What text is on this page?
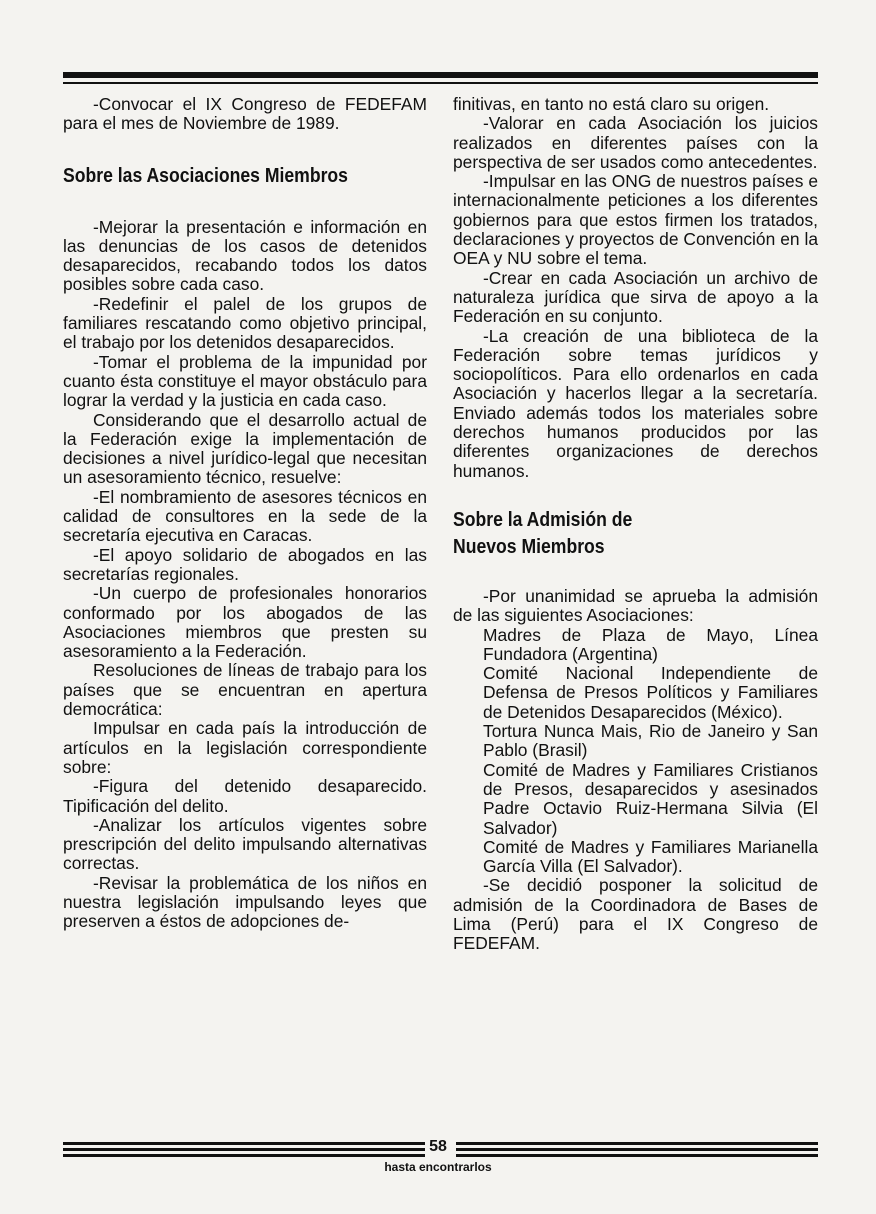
-Convocar el IX Congreso de FEDEFAM para el mes de Noviembre de 1989.

Sobre las Asociaciones Miembros

-Mejorar la presentación e información en las denuncias de los casos de detenidos desaparecidos, recabando todos los datos posibles sobre cada caso.

-Redefinir el palel de los grupos de familiares rescatando como objetivo principal, el trabajo por los detenidos desaparecidos.

-Tomar el problema de la impunidad por cuanto ésta constituye el mayor obstáculo para lograr la verdad y la justicia en cada caso.

Considerando que el desarrollo actual de la Federación exige la implementación de decisiones a nivel jurídico-legal que necesitan un asesoramiento técnico, resuelve:

-El nombramiento de asesores técnicos en calidad de consultores en la sede de la secretaría ejecutiva en Caracas.

-El apoyo solidario de abogados en las secretarías regionales.

-Un cuerpo de profesionales honorarios conformado por los abogados de las Asociaciones miembros que presten su asesoramiento a la Federación.

Resoluciones de líneas de trabajo para los países que se encuentran en apertura democrática:

Impulsar en cada país la introducción de artículos en la legislación correspondiente sobre:

-Figura del detenido desaparecido. Tipificación del delito.

-Analizar los artículos vigentes sobre prescripción del delito impulsando alternativas correctas.

-Revisar la problemática de los niños en nuestra legislación impulsando leyes que preserven a éstos de adopciones de-

finitivas, en tanto no está claro su origen.

-Valorar en cada Asociación los juicios realizados en diferentes países con la perspectiva de ser usados como antecedentes.

-Impulsar en las ONG de nuestros países e internacionalmente peticiones a los diferentes gobiernos para que estos firmen los tratados, declaraciones y proyectos de Convención en la OEA y NU sobre el tema.

-Crear en cada Asociación un archivo de naturaleza jurídica que sirva de apoyo a la Federación en su conjunto.

-La creación de una biblioteca de la Federación sobre temas jurídicos y sociopolíticos. Para ello ordenarlos en cada Asociación y hacerlos llegar a la secretaría. Enviado además todos los materiales sobre derechos humanos producidos por las diferentes organizaciones de derechos humanos.

Sobre la Admisión de
Nuevos Miembros

-Por unanimidad se aprueba la admisión de las siguientes Asociaciones:

Madres de Plaza de Mayo, Línea Fundadora (Argentina)

Comité Nacional Independiente de Defensa de Presos Políticos y Familiares de Detenidos Desaparecidos (México).

Tortura Nunca Mais, Rio de Janeiro y San Pablo (Brasil)

Comité de Madres y Familiares Cristianos de Presos, desaparecidos y asesinados Padre Octavio Ruiz-Hermana Silvia (El Salvador)

Comité de Madres y Familiares Marianella García Villa (El Salvador).

-Se decidió posponer la solicitud de admisión de la Coordinadora de Bases de Lima (Perú) para el IX Congreso de FEDEFAM.

58
hasta encontrarlos
